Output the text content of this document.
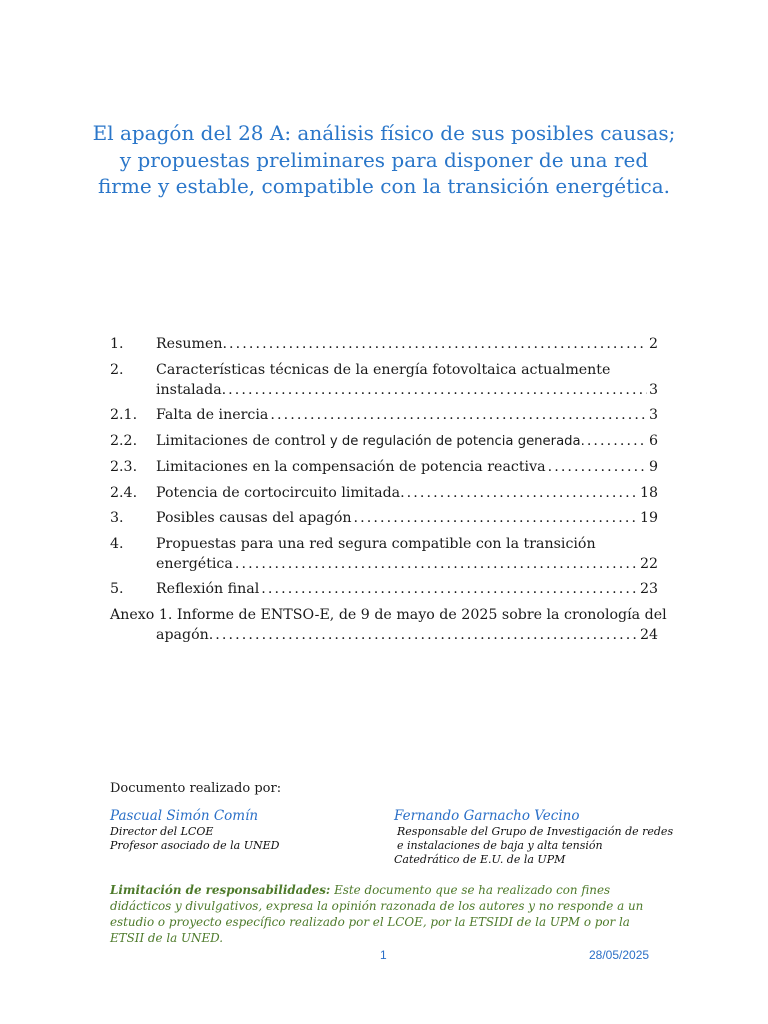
El apagón del 28 A: análisis físico de sus posibles causas;
y propuestas preliminares para disponer de una red
firme y estable, compatible con la transición energética.
1.	Resumen. . . .	2
2.	Características técnicas de la energía fotovoltaica actualmente
instalada. . . .	3
2.1.	Falta de inercia . . .	3
2.2.	Limitaciones de control y de regulación de potencia generada. . . .	6
2.3.	Limitaciones en la compensación de potencia reactiva . . .	9
2.4.	Potencia de cortocircuito limitada. . . .	18
3.	Posibles causas del apagón . . .	19
4.	Propuestas para una red segura compatible con la transición
energética . . .	22
5.	Reflexión final . . .	23
Anexo 1. Informe de ENTSO-E, de 9 de mayo de 2025 sobre la cronología del
apagón. . . .	24
Documento realizado por:
Pascual Simón Comín
Director del LCOE
Profesor asociado de la UNED
Fernando Garnacho Vecino
Responsable del Grupo de Investigación de redes
e instalaciones de baja y alta tensión
Catedrático de E.U. de la UPM
Limitación de responsabilidades: Este documento que se ha realizado con fines didácticos y divulgativos, expresa la opinión razonada de los autores y no responde a un estudio o proyecto específico realizado por el LCOE, por la ETSIDI de la UPM o por la ETSII de la UNED.
1	28/05/2025
